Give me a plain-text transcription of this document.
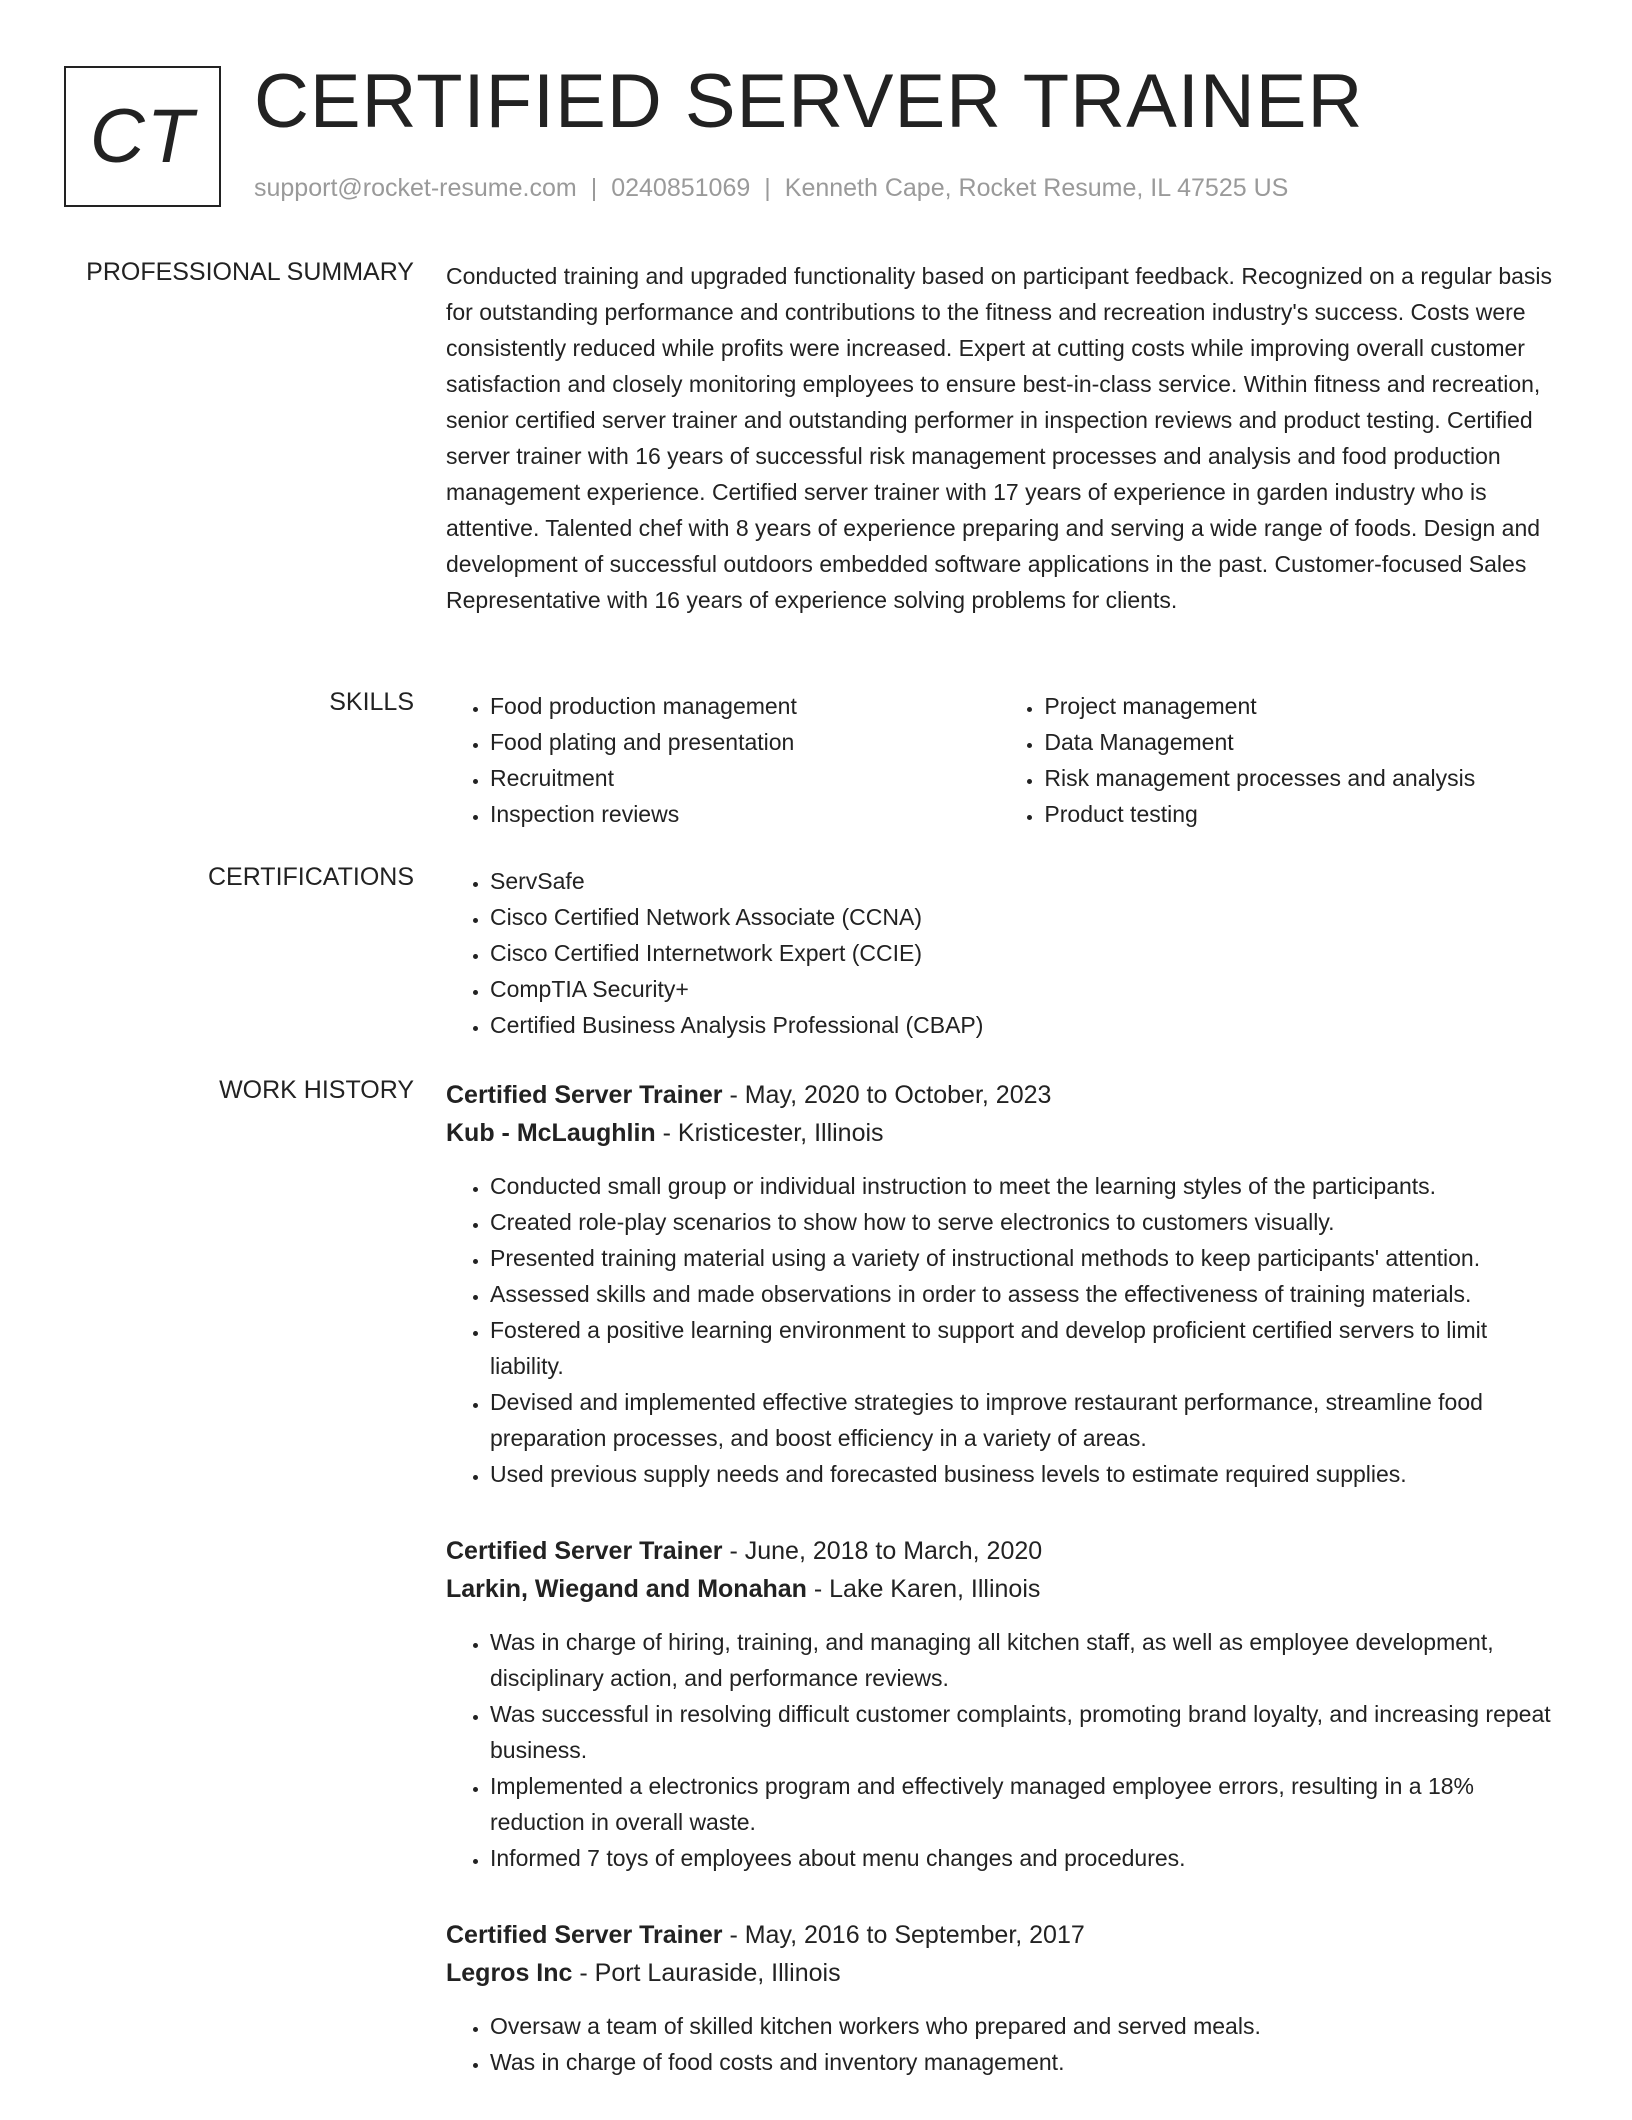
CT CERTIFIED SERVER TRAINER
support@rocket-resume.com | 0240851069 | Kenneth Cape, Rocket Resume, IL 47525 US
PROFESSIONAL SUMMARY Conducted training and upgraded functionality based on participant feedback. Recognized on a regular basis for outstanding performance and contributions to the fitness and recreation industry's success. Costs were consistently reduced while profits were increased. Expert at cutting costs while improving overall customer satisfaction and closely monitoring employees to ensure best-in-class service. Within fitness and recreation, senior certified server trainer and outstanding performer in inspection reviews and product testing. Certified server trainer with 16 years of successful risk management processes and analysis and food production management experience. Certified server trainer with 17 years of experience in garden industry who is attentive. Talented chef with 8 years of experience preparing and serving a wide range of foods. Design and development of successful outdoors embedded software applications in the past. Customer-focused Sales Representative with 16 years of experience solving problems for clients.

SKILLS	• Food production management
• Food plating and presentation
• Recruitment
• Inspection reviews
• Project management
• Data Management
• Risk management processes and analysis
• Product testing
CERTIFICATIONS	• ServSafe
• Cisco Certified Network Associate (CCNA)
• Cisco Certified Internetwork Expert (CCIE)
• CompTIA Security+
• Certified Business Analysis Professional (CBAP)
WORK HISTORY Certified Server Trainer - May, 2020 to October, 2023
Kub - McLaughlin - Kristicester, Illinois
• Conducted small group or individual instruction to meet the learning styles of the participants.
• Created role-play scenarios to show how to serve electronics to customers visually.
• Presented training material using a variety of instructional methods to keep participants' attention.
• Assessed skills and made observations in order to assess the effectiveness of training materials.
• Fostered a positive learning environment to support and develop proficient certified servers to limit liability.
• Devised and implemented effective strategies to improve restaurant performance, streamline food preparation processes, and boost efficiency in a variety of areas.
• Used previous supply needs and forecasted business levels to estimate required supplies.
Certified Server Trainer - June, 2018 to March, 2020
Larkin, Wiegand and Monahan - Lake Karen, Illinois
• Was in charge of hiring, training, and managing all kitchen staff, as well as employee development, disciplinary action, and performance reviews.
• Was successful in resolving difficult customer complaints, promoting brand loyalty, and increasing repeat business.
• Implemented a electronics program and effectively managed employee errors, resulting in a 18% reduction in overall waste.
• Informed 7 toys of employees about menu changes and procedures.
Certified Server Trainer - May, 2016 to September, 2017
Legros Inc - Port Lauraside, Illinois
• Oversaw a team of skilled kitchen workers who prepared and served meals.
• Was in charge of food costs and inventory management.
